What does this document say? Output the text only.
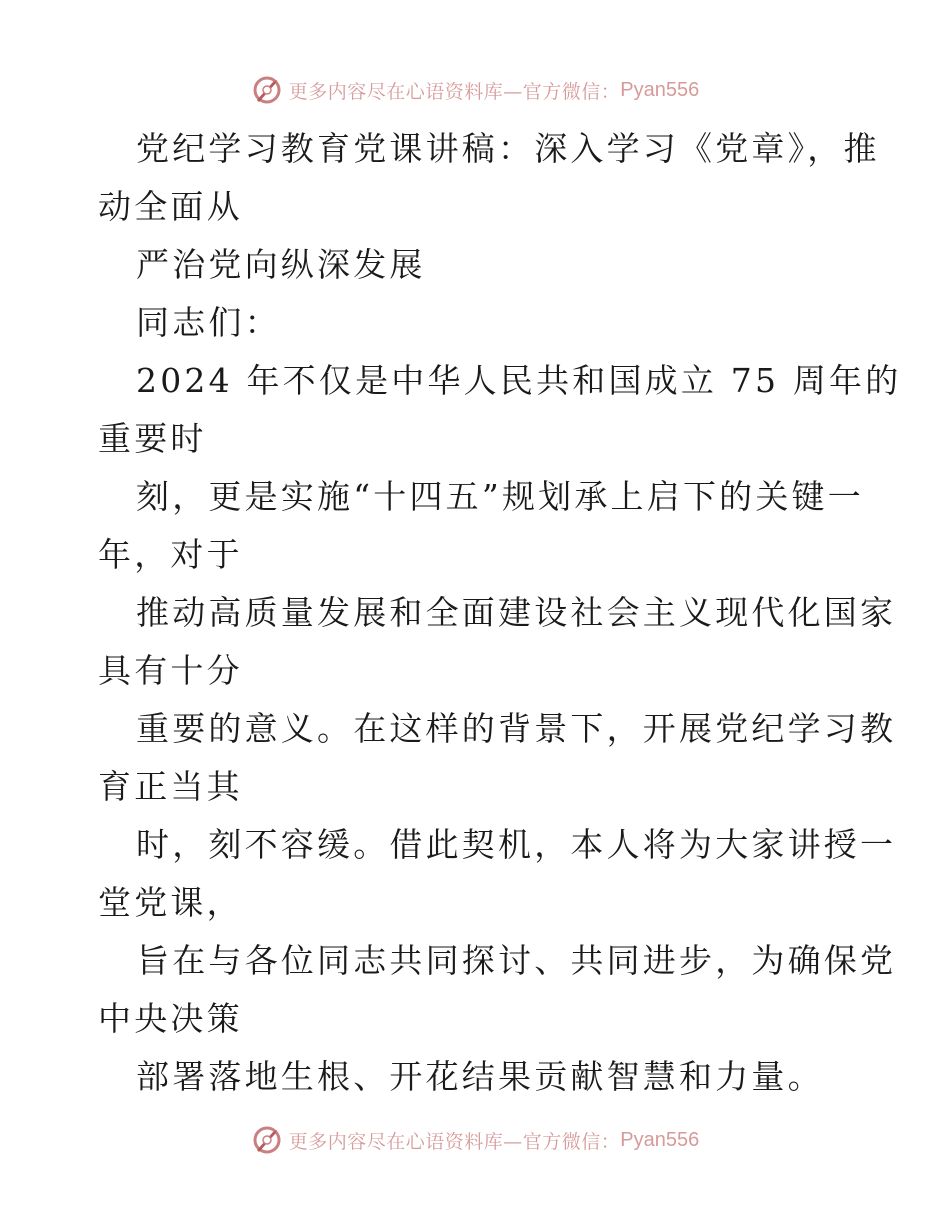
更多内容尽在心语资料库—官方微信： Pyan556
党纪学习教育党课讲稿：深入学习《党章》，推
动全面从
严治党向纵深发展
同志们：
2024 年不仅是中华人民共和国成立 75 周年的
重要时
刻，更是实施“十四五”规划承上启下的关键一
年，对于
推动高质量发展和全面建设社会主义现代化国家
具有十分
重要的意义。在这样的背景下，开展党纪学习教
育正当其
时，刻不容缓。借此契机，本人将为大家讲授一
堂党课，
旨在与各位同志共同探讨、共同进步，为确保党
中央决策
部署落地生根、开花结果贡献智慧和力量。
更多内容尽在心语资料库—官方微信： Pyan556
